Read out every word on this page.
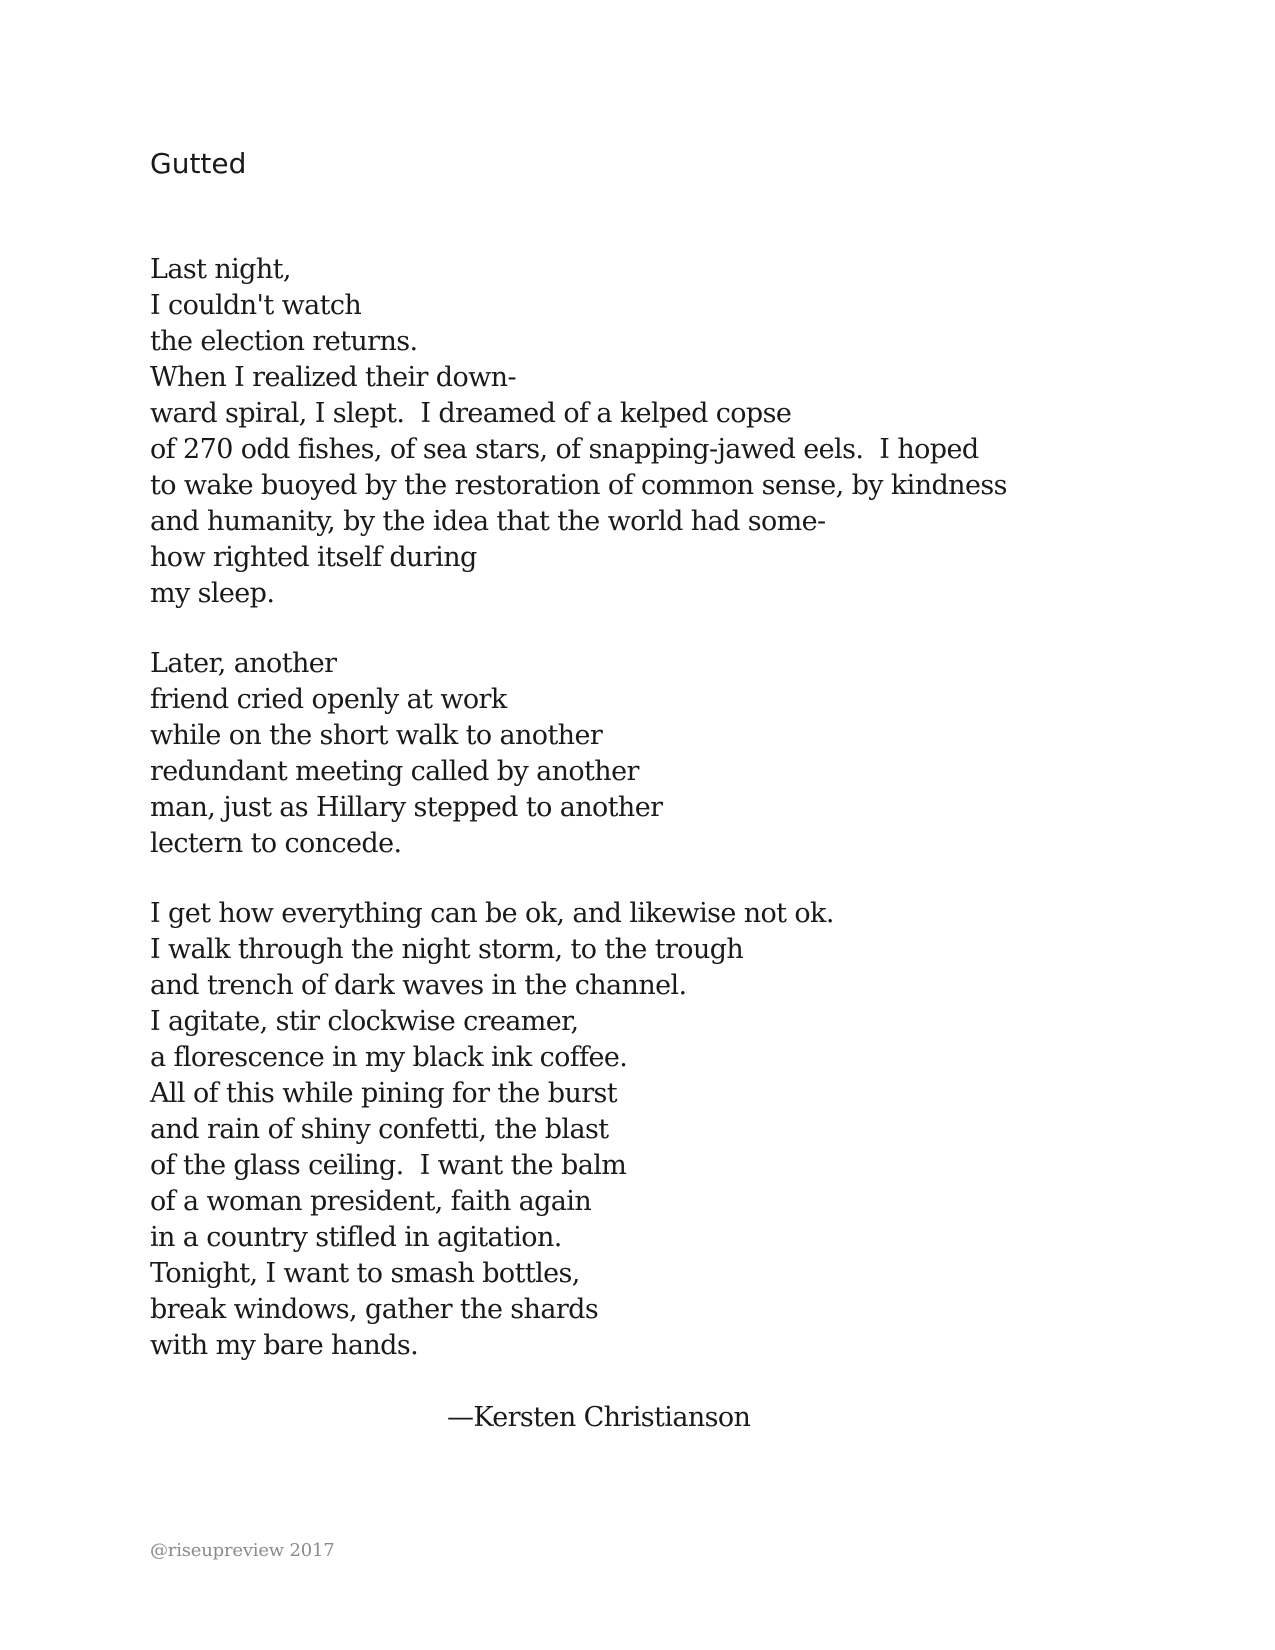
Gutted
Last night,
I couldn't watch
the election returns.
When I realized their down-
ward spiral, I slept.  I dreamed of a kelped copse
of 270 odd fishes, of sea stars, of snapping-jawed eels.  I hoped
to wake buoyed by the restoration of common sense, by kindness
and humanity, by the idea that the world had some-
how righted itself during
my sleep.
Later, another
friend cried openly at work
while on the short walk to another
redundant meeting called by another
man, just as Hillary stepped to another
lectern to concede.
I get how everything can be ok, and likewise not ok.
I walk through the night storm, to the trough
and trench of dark waves in the channel.
I agitate, stir clockwise creamer,
a florescence in my black ink coffee.
All of this while pining for the burst
and rain of shiny confetti, the blast
of the glass ceiling.  I want the balm
of a woman president, faith again
in a country stifled in agitation.
Tonight, I want to smash bottles,
break windows, gather the shards
with my bare hands.
—Kersten Christianson
@riseupreview 2017
